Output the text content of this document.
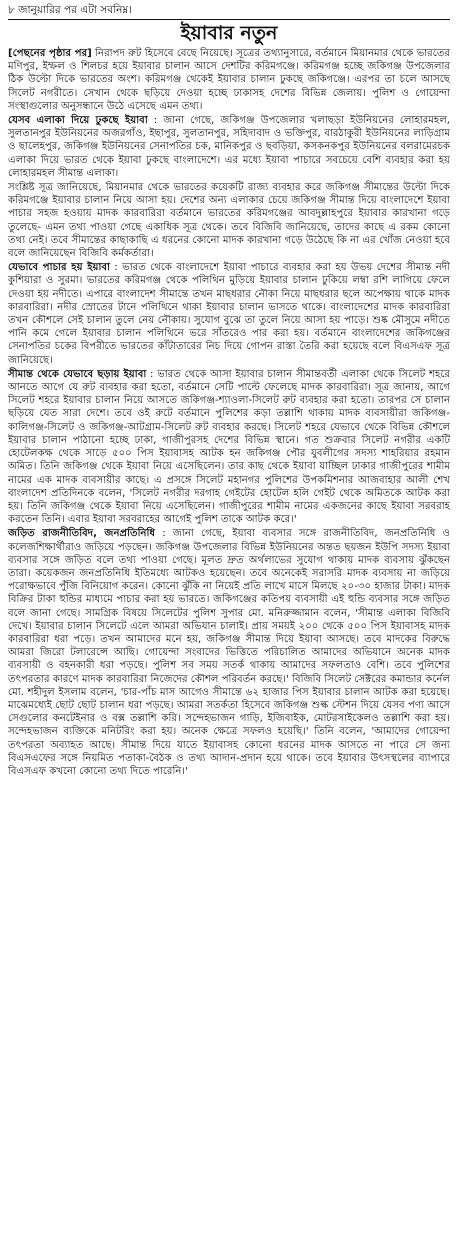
৮ জানুয়ারির পর এটা সবনিম্ন।
ইয়াবার নতুন

[পেছনের পৃষ্ঠার পর] নিরাপদ রুট হিসেবে বেছে নিয়েছে। সূত্রের তথ্যানুসারে, বর্তমানে মিয়ানমার থেকে ভারতের মণিপুর, ইম্ফল ও শিলচর হয়ে ইয়াবার চালান আসে দেশটির করিমগঞ্জে। করিমগঞ্জ হচ্ছে জকিগঞ্জ উপজেলার ঠিক উল্টো দিকে ভারতের অংশ। করিমগঞ্জ থেকেই ইয়াবার চালান ঢুকছে জকিগঞ্জে। এরপর তা চলে আসছে সিলেট নগরীতে। সেখান থেকে ছড়িয়ে দেওয়া হচ্ছে ঢাকাসহ দেশের বিভিন্ন জেলায়। পুলিশ ও গোয়েন্দা সংস্থাগুলোর অনুসন্ধানে উঠে এসেছে এমন তথ্য।

যেসব এলাকা দিয়ে ঢুকছে ইয়াবা : জানা গেছে, জকিগঞ্জ উপজেলার খলাছড়া ইউনিয়নের লোহারমহল, সুলতানপুর ইউনিয়নের অজরগাঁও, ইছাপুর, সুলতানপুর, সহিদাবাদ ও ভক্তিপুর, বারঠাকুরী ইউনিয়নের লাড়িগ্রাম ও ছালেহপুর, জকিগঞ্জ ইউনিয়নের সেনাপতির চক, মানিকপুর ও ছবড়িয়া, কসকনকপুর ইউনিয়নের বলরামেরচক এলাকা দিয়ে ভারত থেকে ইয়াবা ঢুকছে বাংলাদেশে। এর মধ্যে ইয়াবা পাচারে সবচেয়ে বেশি ব্যবহার করা হয় লোহারমহল সীমান্ত এলাকা।

সংশ্লিষ্ট সূত্র জানিয়েছে, মিয়ানমার থেকে ভারতের কয়েকটি রাজ্য ব্যবহার করে জকিগঞ্জ সীমান্তের উল্টো দিকে করিমগঞ্জে ইয়াবার চালান নিয়ে আসা হয়। দেশের অন্য এলাকার চেয়ে জকিগঞ্জ সীমান্ত দিয়ে বাংলাদেশে ইয়াবা পাচার সহজ হওয়ায় মাদক কারবারিরা বর্তমানে ভারতের করিমগঞ্জের আবদুল্লাহপুরে ইয়াবার কারখানা গড়ে তুলেছে- এমন তথ্য পাওয়া গেছে একাধিক সূত্র থেকে। তবে বিজিবি জানিয়েছে, তাদের কাছে এ রকম কোনো তথ্য নেই। তবে সীমান্তের কাছাকাছি এ ধরনের কোনো মাদক কারখানা গড়ে উঠেছে কি না এর খোঁজ নেওয়া হবে বলে জানিয়েছেন বিজিবি কর্মকর্তারা।

যেভাবে পাচার হয় ইয়াবা : ভারত থেকে বাংলাদেশে ইয়াবা পাচারে ব্যবহার করা হয় উভয় দেশের সীমান্ত নদী কুশিয়ারা ও সুরমা। ভারতের করিমগঞ্জ থেকে পলিথিন মুড়িয়ে ইয়াবার চালান ঢুকিয়ে লম্বা রশি লাগিয়ে ফেলে দেওয়া হয় নদীতে। এপারে বাংলাদেশ সীমান্তে তখন মাছধরার নৌকা নিয়ে মাছধরার ছলে অপেক্ষায় থাকে মাদক কারবারিরা। নদীর স্রোতের টানে পলিথিনে থাকা ইয়াবার চালান ভাসতে থাকে। বাংলাদেশের মাদক কারবারিরা তখন কৌশলে সেই চালান তুলে নেয় নৌকায়। সুযোগ বুঝে তা তুলে নিয়ে আসা হয় পাড়ে। শুষ্ক মৌসুমে নদীতে পানি কমে গেলে ইয়াবার চালান পলিথিনে ভরে সাঁতরেও পার করা হয়। বর্তমানে বাংলাদেশের জকিগঞ্জের সেনাপতির চকের বিপরীতে ভারতের কাঁটাতারের নিচ দিয়ে গোপন রাস্তা তৈরি করা হয়েছে বলে বিএসএফ সূত্র জানিয়েছে।

সীমান্ত থেকে যেভাবে ছড়ায় ইয়াবা : ভারত থেকে আসা ইয়াবার চালান সীমান্তবর্তী এলাকা থেকে সিলেট শহরে আনতে আগে যে রুট ব্যবহার করা হতো, বর্তমানে সেটি পাল্টে ফেলেছে মাদক কারবারিরা। সূত্র জানায়, আগে সিলেট শহরে ইয়াবার চালান নিয়ে আসতে জকিগঞ্জ-শ্যাওলা-সিলেট রুট ব্যবহার করা হতো। তারপর সে চালান ছড়িয়ে যেত সারা দেশে। তবে ওই রুটে বর্তমানে পুলিশের কড়া তল্লাশি থাকায় মাদক ব্যবসায়ীরা জকিগঞ্জ-কালিগঞ্জ-সিলেট ও জকিগঞ্জ-আটগ্রাম-সিলেট রুট ব্যবহার করছে। সিলেট শহরে যেভাবে থেকে বিভিন্ন কৌশলে ইয়াবার চালান পাঠানো হচ্ছে ঢাকা, গাজীপুরসহ দেশের বিভিন্ন স্থানে। গত শুক্রবার সিলেট নগরীর একটি হোটেলকক্ষ থেকে সাড়ে ৫০০ পিস ইয়াবাসহ আটক হন জকিগঞ্জ পৌর যুবলীগের সদস্য শাহরিয়ার রহমান অমিত। তিনি জকিগঞ্জ থেকে ইয়াবা নিয়ে এসেছিলেন। তার কাছ থেকে ইয়াবা যাচ্ছিল ঢাকার গাজীপুরের শামীম নামের এক মাদক ব্যবসায়ীর কাছে। এ প্রসঙ্গে সিলেট মহানগর পুলিশের উপকমিশনার আজবাহার আলী শেখ বাংলাদেশ প্রতিদিনকে বলেন, 'সিলেট নগরীর দরগাহ গেইটের হোটেল হলি গেইট থেকে অমিতকে আটক করা হয়। তিনি জকিগঞ্জ থেকে ইয়াবা নিয়ে এসেছিলেন। গাজীপুরের শামীম নামের একজনের কাছে ইয়াবা সরবরাহ করতেন তিনি। এবার ইয়াবা সরবরাহের আগেই পুলিশ তাকে আটক করে।'

জড়িত রাজনীতিবিদ, জনপ্রতিনিধি : জানা গেছে, ইয়াবা ব্যবসার সঙ্গে রাজনীতিবিদ, জনপ্রতিনিধি ও কলেজশিক্ষার্থীরাও জড়িয়ে পড়ছেন। জকিগঞ্জ উপজেলার বিভিন্ন ইউনিয়নের অন্তত ছয়জন ইউপি সদস্য ইয়াবা ব্যবসার সঙ্গে জড়িত বলে তথ্য পাওয়া গেছে। মূলত দ্রুত অর্থলাভের সুযোগ থাকায় মাদক ব্যবসায় ঝুঁকছেন তারা। কয়েকজন জনপ্রতিনিধি ইতিমধ্যে আটকও হয়েছেন। তবে অনেকেই সরাসরি মাদক ব্যবসায় না জড়িয়ে পরোক্ষভাবে পুঁজি বিনিয়োগ করেন। কোনো ঝুঁকি না নিয়েই প্রতি লাখে মাসে মিলছে ২০-৩০ হাজার টাকা। মাদক বিক্রির টাকা হুন্ডির মাধ্যমে পাচার করা হয় ভারতে। জকিগঞ্জের কতিপয় ব্যবসায়ী এই হুন্ডি ব্যবসার সঙ্গে জড়িত বলে জানা গেছে। সামগ্রিক বিষয়ে সিলেটের পুলিশ সুপার মো. মনিরুজ্জামান বলেন, 'সীমান্ত এলাকা বিজিবি দেখে। ইয়াবার চালান সিলেটে এলে আমরা অভিযান চালাই। প্রায় সময়ই ২০০ থেকে ৫০০ পিস ইয়াবাসহ মাদক কারবারিরা ধরা পড়ে। তখন আমাদের মনে হয়, জকিগঞ্জ সীমান্ত দিয়ে ইয়াবা আসছে। তবে মাদকের বিরুদ্ধে আমরা জিরো টলারেন্সে আছি। গোয়েন্দা সংবাদের ভিত্তিতে পরিচালিত আমাদের অভিযানে অনেক মাদক ব্যবসায়ী ও বহনকারী ধরা পড়ছে। পুলিশ সব সময় সতর্ক থাকায় আমাদের সফলতাও বেশি। তবে পুলিশের তৎপরতার কারণে মাদক কারবারিরা নিজেদের কৌশল পরিবর্তন করছে।' বিজিবি সিলেট সেক্টরের কমান্ডার কর্নেল মো. শহীদুল ইসলাম বলেন, 'চার-পাঁচ মাস আগেও সীমান্তে ৬২ হাজার পিস ইয়াবার চালান আটক করা হয়েছে। মাঝেমধ্যেই ছোট ছোট চালান ধরা পড়ছে। আমরা সতর্কতা হিসেবে জকিগঞ্জ শুল্ক স্টেশন দিয়ে যেসব পণ্য আসে সেগুলোর কনটেইনার ও বক্স তল্লাশি করি। সন্দেহভাজন গাড়ি, ইজিবাইক, মোটরসাইকেলও তল্লাশি করা হয়। সন্দেহভাজন ব্যক্তিকে মনিটরিং করা হয়। অনেক ক্ষেত্রে সফলও হয়েছি।' তিনি বলেন, 'আমাদের গোয়েন্দা তৎপরতা অব্যাহত আছে। সীমান্ত দিয়ে যাতে ইয়াবাসহ কোনো ধরনের মাদক আসতে না পারে সে জন্য বিএসএফের সঙ্গে নিয়মিত পতাকা-বৈঠক ও তথ্য আদান-প্রদান হয়ে থাকে। তবে ইয়াবার উৎসস্থলের ব্যাপারে বিএসএফ কখনো কোনো তথ্য দিতে পারেনি।'
